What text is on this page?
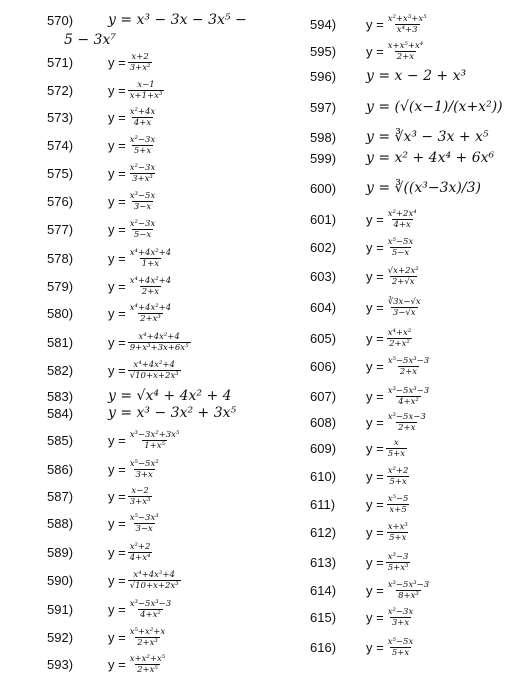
570) y = x³ − 3x − 3x⁵ −
5 − 3x⁷
571)	$y = \frac{x+2}{\text{3+x²}}$
572)	$y = \frac{x-1}{\text{x+1+x³}}$
573)	$y = \frac{\text{x²+4x}}{4+x}$
574)	$y = \frac{\text{x²−3x}}{5+x}$
575)	$y = \frac{\text{x²−3x}}{\text{3+x³}}$
576)	$y = \frac{\text{x³−5x}}{3-x}$
577)	$y = \frac{\text{x²−3x}}{5-x}$
578)	$y = \frac{\text{x⁴+4x²+4}}{1+x}$
579)	$y = \frac{\text{x⁴+4x²+4}}{2+x}$
580)	$y = \frac{\text{x⁴+4x²+4}}{\text{2+x³}}$
581)	$y = \frac{\text{x⁴+4x²+4}}{\text{9+x³+3x+6x⁵}}$
582)	$y = \frac{\text{x⁴+4x²+4}}{\text{√10+x+2x³}}$
583) y = √x⁴ + 4x² + 4
584) y = x³ − 3x² + 3x⁵
585)	$y = \frac{\text{x³−3x²+3x⁵}}{\text{1+x⁵}}$
586)	$y = \frac{\text{x⁵−5x²}}{3+x}$
587)	$y = \frac{x-2}{\text{3+x³}}$
588)	$y = \frac{\text{x⁵−3x³}}{3-x}$
589)	$y = \frac{\text{x²+2}}{\text{4+x⁴}}$
590)	$y = \frac{\text{x⁴+4x²+4}}{\text{√10+x+2x³}}$
591)	$y = \frac{\text{x³−5x³−3}}{\text{4+x²}}$
592)	$y = \frac{\text{x⁵+x²+x}}{\text{2+x³}}$
593)	$y = \frac{\text{x+x²+x⁵}}{\text{2+x⁵}}$
594) $y = \frac{\text{x²+x³+x⁵}}{\text{x⁴+3}}$
595) $y = \frac{\text{x+x⁵+x⁴}}{2+x}$
596) y = x − 2 + x³
597) y = (√(x−1)/(x+x²))
598) y = ∛x³ − 3x + x⁵
599) y = x² + 4x⁴ + 6x⁶
600) y = ∛((x³−3x)/3)
601) $y = \frac{\text{x²+2x⁴}}{4+x}$
602) $y = \frac{\text{x⁵−5x}}{5-x}$
603) $y = \frac{\text{√x+2x²}}{2+√x}$
604) $y = \frac{∛3x-√x}{3-√x}$
605) $y = \frac{\text{x⁴+x²}}{\text{2+x²}}$
606) $y = \frac{\text{x⁵−5x³−3}}{2+x}$
607) $y = \frac{\text{x³−5x³−3}}{\text{4+x²}}$
608) $y = \frac{\text{x³−5x−3}}{2+x}$
609) $y = \frac{x}{5+x}$
610) $y = \frac{\text{x²+2}}{5+x}$
611) $y = \frac{\text{x⁵−5}}{x+5}$
612) $y = \frac{\text{x+x³}}{5+x}$
613) $y = \frac{\text{x³−3}}{\text{5+x³}}$
614) $y = \frac{\text{x³−5x³−3}}{\text{8+x³}}$
615) $y = \frac{\text{x²−3x}}{3+x}$
616) $y = \frac{\text{x⁵−5x}}{5+x}$
